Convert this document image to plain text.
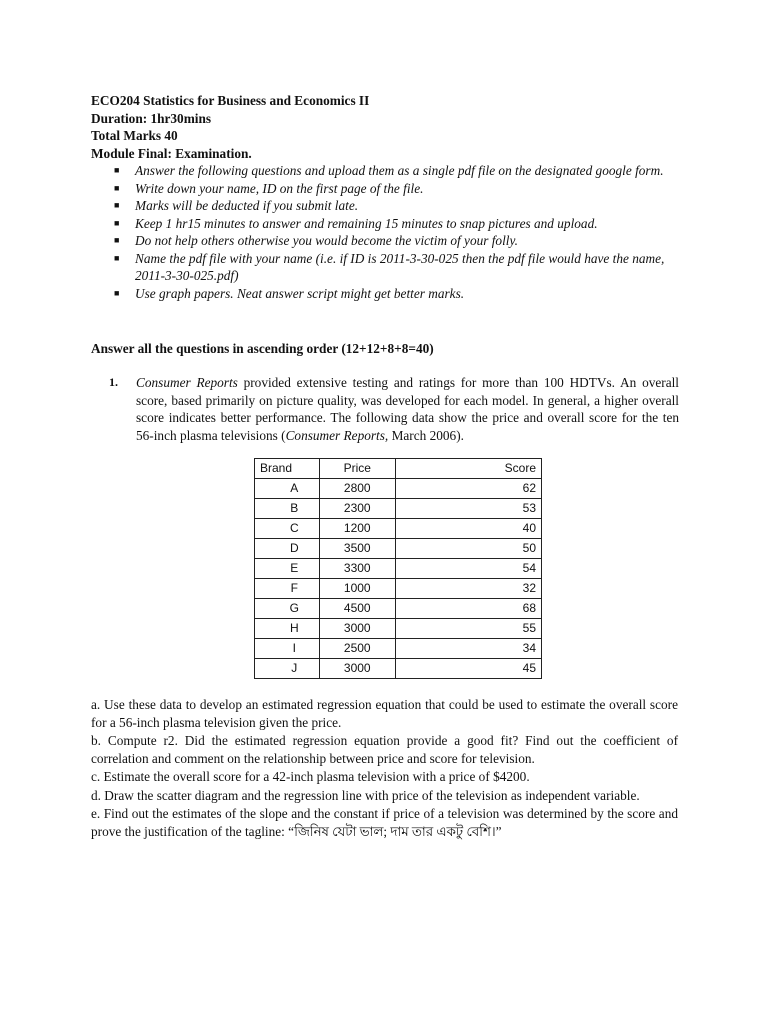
ECO204 Statistics for Business and Economics II
Duration: 1hr30mins
Total Marks 40
Module Final: Examination.
■ Answer the following questions and upload them as a single pdf file on the designated google form.
■ Write down your name, ID on the first page of the file.
■ Marks will be deducted if you submit late.
■ Keep 1 hr15 minutes to answer and remaining 15 minutes to snap pictures and upload.
■ Do not help others otherwise you would become the victim of your folly.
■ Name the pdf file with your name (i.e. if ID is 2011-3-30-025 then the pdf file would have the name, 2011-3-30-025.pdf)
■ Use graph papers. Neat answer script might get better marks.
Answer all the questions in ascending order (12+12+8+8=40)
1. Consumer Reports provided extensive testing and ratings for more than 100 HDTVs. An overall score, based primarily on picture quality, was developed for each model. In general, a higher overall score indicates better performance. The following data show the price and overall score for the ten 56-inch plasma televisions (Consumer Reports, March 2006).

Brand	Price	Score
A	2800	62
B	2300	53
C	1200	40
D	3500	50
E	3300	54
F	1000	32
G	4500	68
H	3000	55
I	2500	34
J	3000	45

a. Use these data to develop an estimated regression equation that could be used to estimate the overall score for a 56-inch plasma television given the price.

b. Compute r2. Did the estimated regression equation provide a good fit? Find out the coefficient of correlation and comment on the relationship between price and score for television.

c. Estimate the overall score for a 42-inch plasma television with a price of $4200.

d. Draw the scatter diagram and the regression line with price of the television as independent variable.

e. Find out the estimates of the slope and the constant if price of a television was determined by the score and prove the justification of the tagline: “জিনিষ যেটা ভাল; দাম তার একটু বেশি।”
